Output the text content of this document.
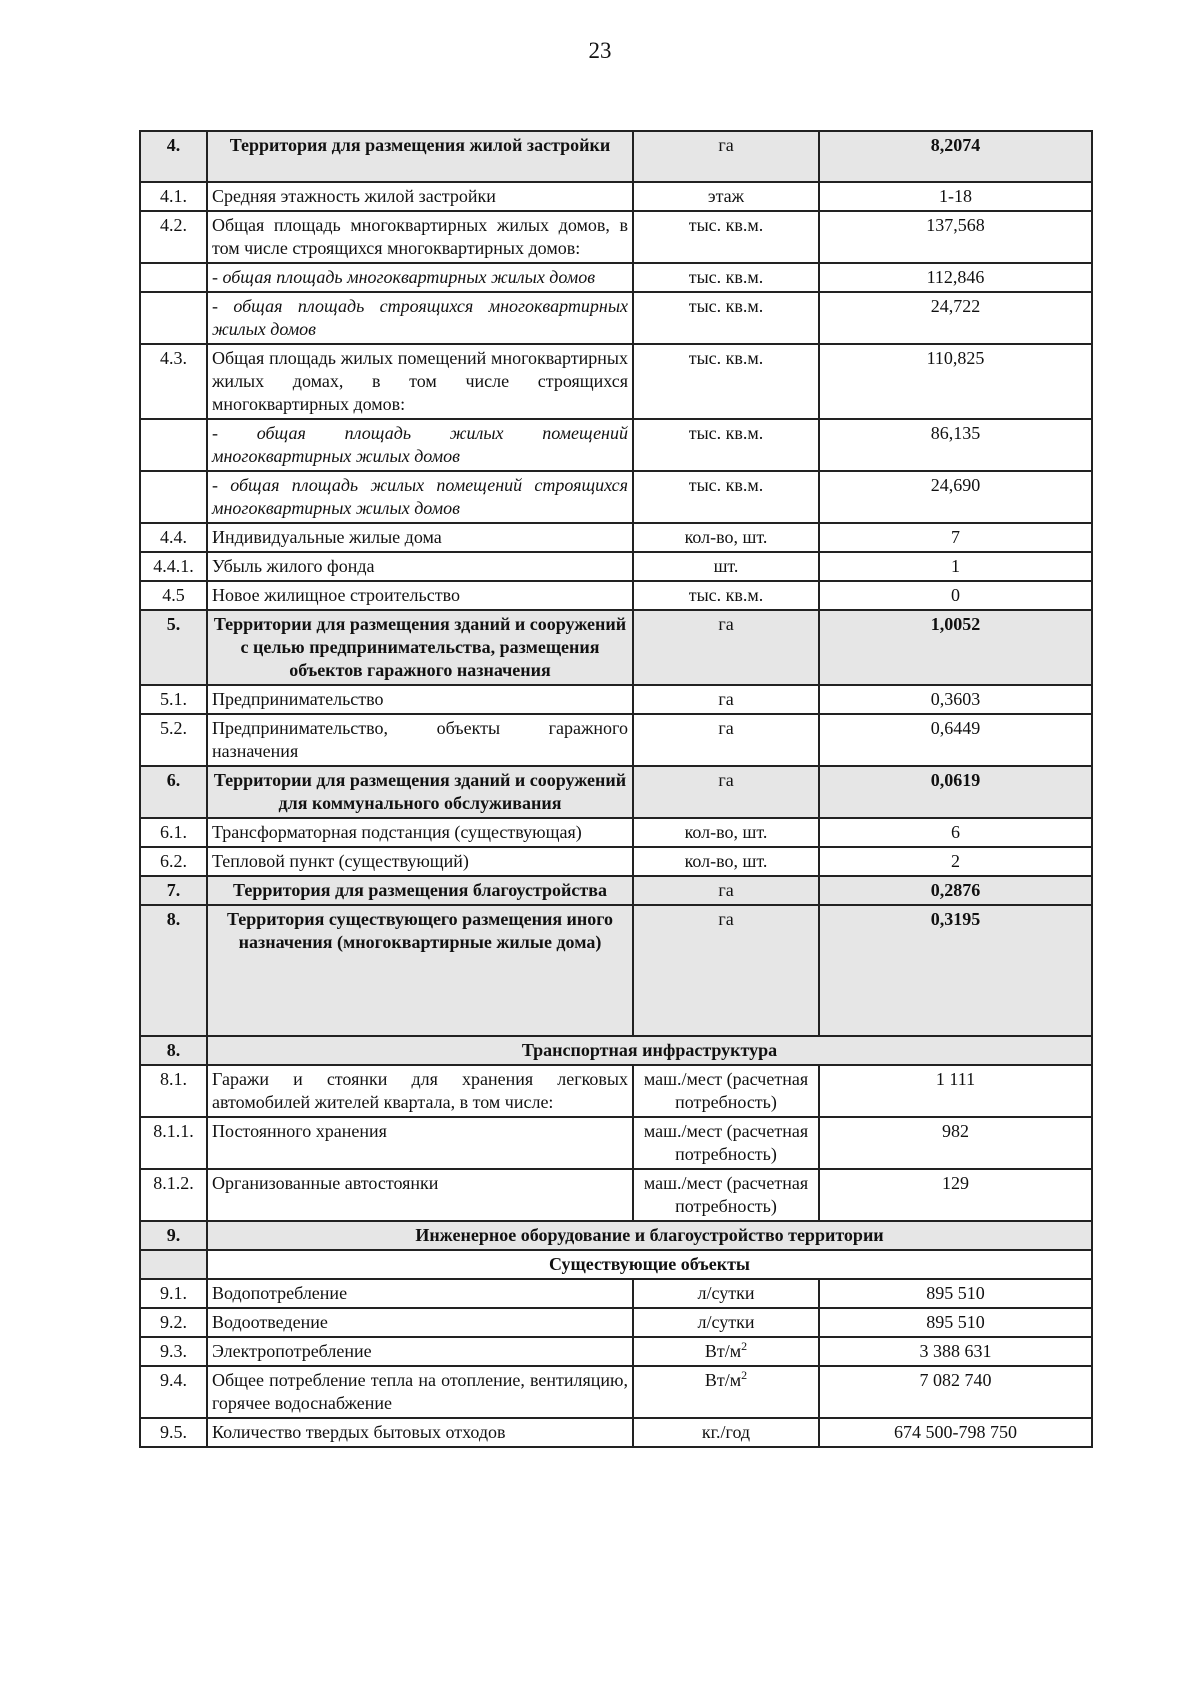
23
4.	Территория для размещения жилой застройки	га	8,2074
4.1.	Средняя этажность жилой застройки	этаж	1-18
4.2.	Общая площадь многоквартирных жилых домов, в том числе строящихся многоквартирных домов:	тыс. кв.м.	137,568
	- общая площадь многоквартирных жилых домов	тыс. кв.м.	112,846
	- общая площадь строящихся многоквартирных жилых домов	тыс. кв.м.	24,722
4.3.	Общая площадь жилых помещений многоквартирных жилых домах, в том числе строящихся многоквартирных домов:	тыс. кв.м.	110,825
	- общая площадь жилых помещений многоквартирных жилых домов	тыс. кв.м.	86,135
	- общая площадь жилых помещений строящихся многоквартирных жилых домов	тыс. кв.м.	24,690
4.4.	Индивидуальные жилые дома	кол-во, шт.	7
4.4.1.	Убыль жилого фонда	шт.	1
4.5	Новое жилищное строительство	тыс. кв.м.	0
5.	Территории для размещения зданий и сооружений с целью предпринимательства, размещения объектов гаражного назначения	га	1,0052
5.1.	Предпринимательство	га	0,3603
5.2.	Предпринимательство, объекты гаражного назначения	га	0,6449
6.	Территории для размещения зданий и сооружений для коммунального обслуживания	га	0,0619
6.1.	Трансформаторная подстанция (существующая)	кол-во, шт.	6
6.2.	Тепловой пункт (существующий)	кол-во, шт.	2
7.	Территория для размещения благоустройства	га	0,2876
8.	Территория существующего размещения иного назначения (многоквартирные жилые дома)	га	0,3195
8.	Транспортная инфраструктура		
8.1.	Гаражи и стоянки для хранения легковых автомобилей жителей квартала, в том числе:	маш./мест (расчетная потребность)	1 111
8.1.1.	Постоянного хранения	маш./мест (расчетная потребность)	982
8.1.2.	Организованные автостоянки	маш./мест (расчетная потребность)	129
9.	Инженерное оборудование и благоустройство территории		
	Существующие объекты		
9.1.	Водопотребление	л/сутки	895 510
9.2.	Водоотведение	л/сутки	895 510
9.3.	Электропотребление	$Вт/м^2$	3 388 631
9.4.	Общее потребление тепла на отопление, вентиляцию, горячее водоснабжение	$Вт/м^2$	7 082 740
9.5.	Количество твердых бытовых отходов	кг./год	674 500-798 750
